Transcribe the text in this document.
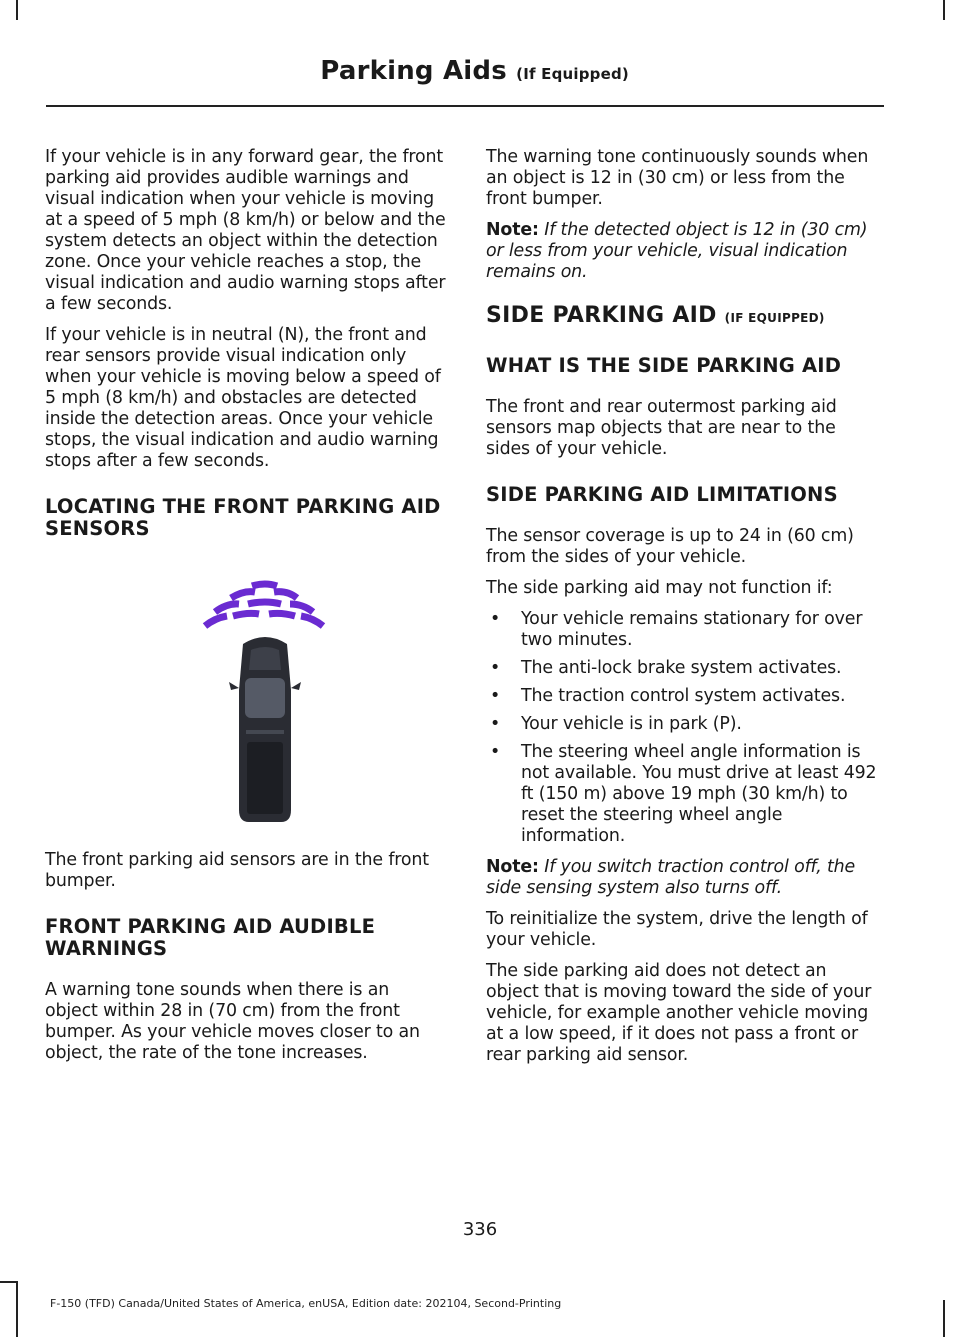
Parking Aids (If Equipped)

If your vehicle is in any forward gear, the front parking aid provides audible warnings and visual indication when your vehicle is moving at a speed of 5 mph (8 km/h) or below and the system detects an object within the detection zone. Once your vehicle reaches a stop, the visual indication and audio warning stops after a few seconds.

If your vehicle is in neutral (N), the front and rear sensors provide visual indication only when your vehicle is moving below a speed of 5 mph (8 km/h) and obstacles are detected inside the detection areas. Once your vehicle stops, the visual indication and audio warning stops after a few seconds.

LOCATING THE FRONT PARKING AID SENSORS

The front parking aid sensors are in the front bumper.

FRONT PARKING AID AUDIBLE WARNINGS

A warning tone sounds when there is an object within 28 in (70 cm) from the front bumper. As your vehicle moves closer to an object, the rate of the tone increases.

The warning tone continuously sounds when an object is 12 in (30 cm) or less from the front bumper.

Note: If the detected object is 12 in (30 cm) or less from your vehicle, visual indication remains on.

SIDE PARKING AID (IF EQUIPPED)
WHAT IS THE SIDE PARKING AID

The front and rear outermost parking aid sensors map objects that are near to the sides of your vehicle.

SIDE PARKING AID LIMITATIONS

The sensor coverage is up to 24 in (60 cm) from the sides of your vehicle.

The side parking aid may not function if:

• Your vehicle remains stationary for over two minutes.
• The anti-lock brake system activates.
• The traction control system activates.
• Your vehicle is in park (P).
• The steering wheel angle information is not available. You must drive at least 492 ft (150 m) above 19 mph (30 km/h) to reset the steering wheel angle information.

Note: If you switch traction control off, the side sensing system also turns off.

To reinitialize the system, drive the length of your vehicle.

The side parking aid does not detect an object that is moving toward the side of your vehicle, for example another vehicle moving at a low speed, if it does not pass a front or rear parking aid sensor.

336
F-150 (TFD) Canada/United States of America, enUSA, Edition date: 202104, Second-Printing
